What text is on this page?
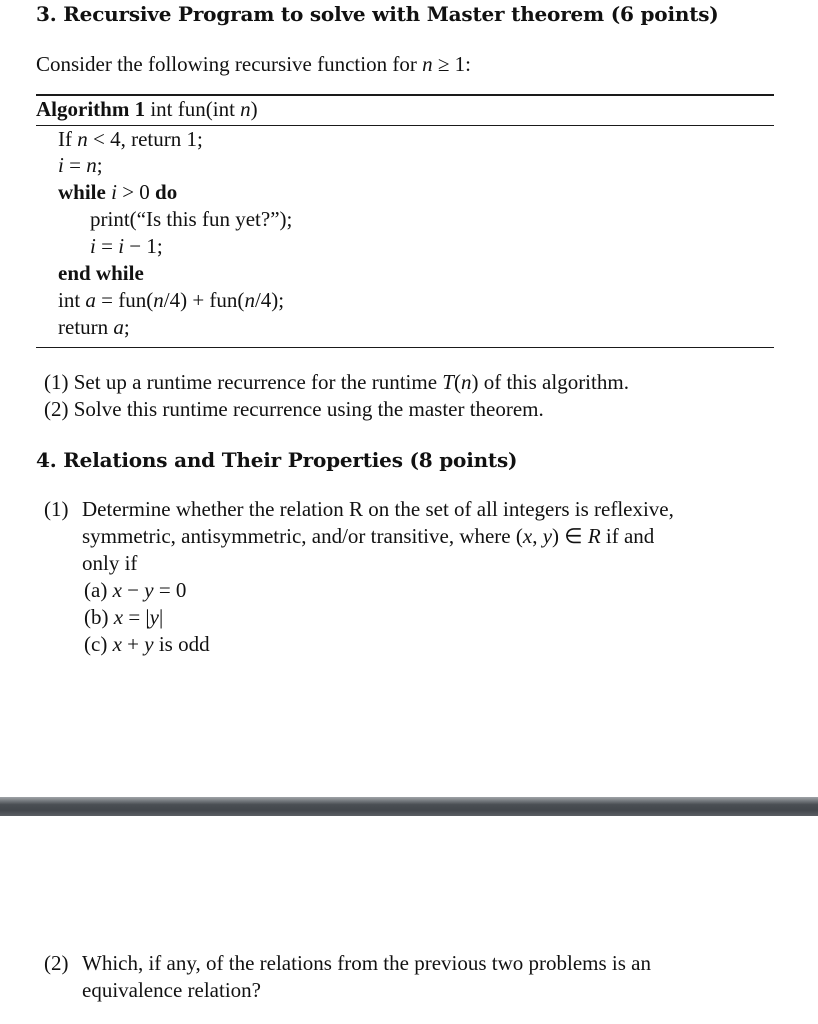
3. Recursive Program to solve with Master theorem (6 points)
Consider the following recursive function for n ≥ 1:
Algorithm 1 int fun(int n)
If n < 4, return 1;
i = n;
while i > 0 do
print(“Is this fun yet?”);
i = i − 1;
end while
int a = fun(n/4) + fun(n/4);
return a;
(1) Set up a runtime recurrence for the runtime T(n) of this algorithm.
(2) Solve this runtime recurrence using the master theorem.
4. Relations and Their Properties (8 points)
(1) Determine whether the relation R on the set of all integers is reflexive,
symmetric, antisymmetric, and/or transitive, where (x, y) ∈ R if and
only if
(a) x − y = 0
(b) x = |y|
(c) x + y is odd
(2) Which, if any, of the relations from the previous two problems is an
equivalence relation?
